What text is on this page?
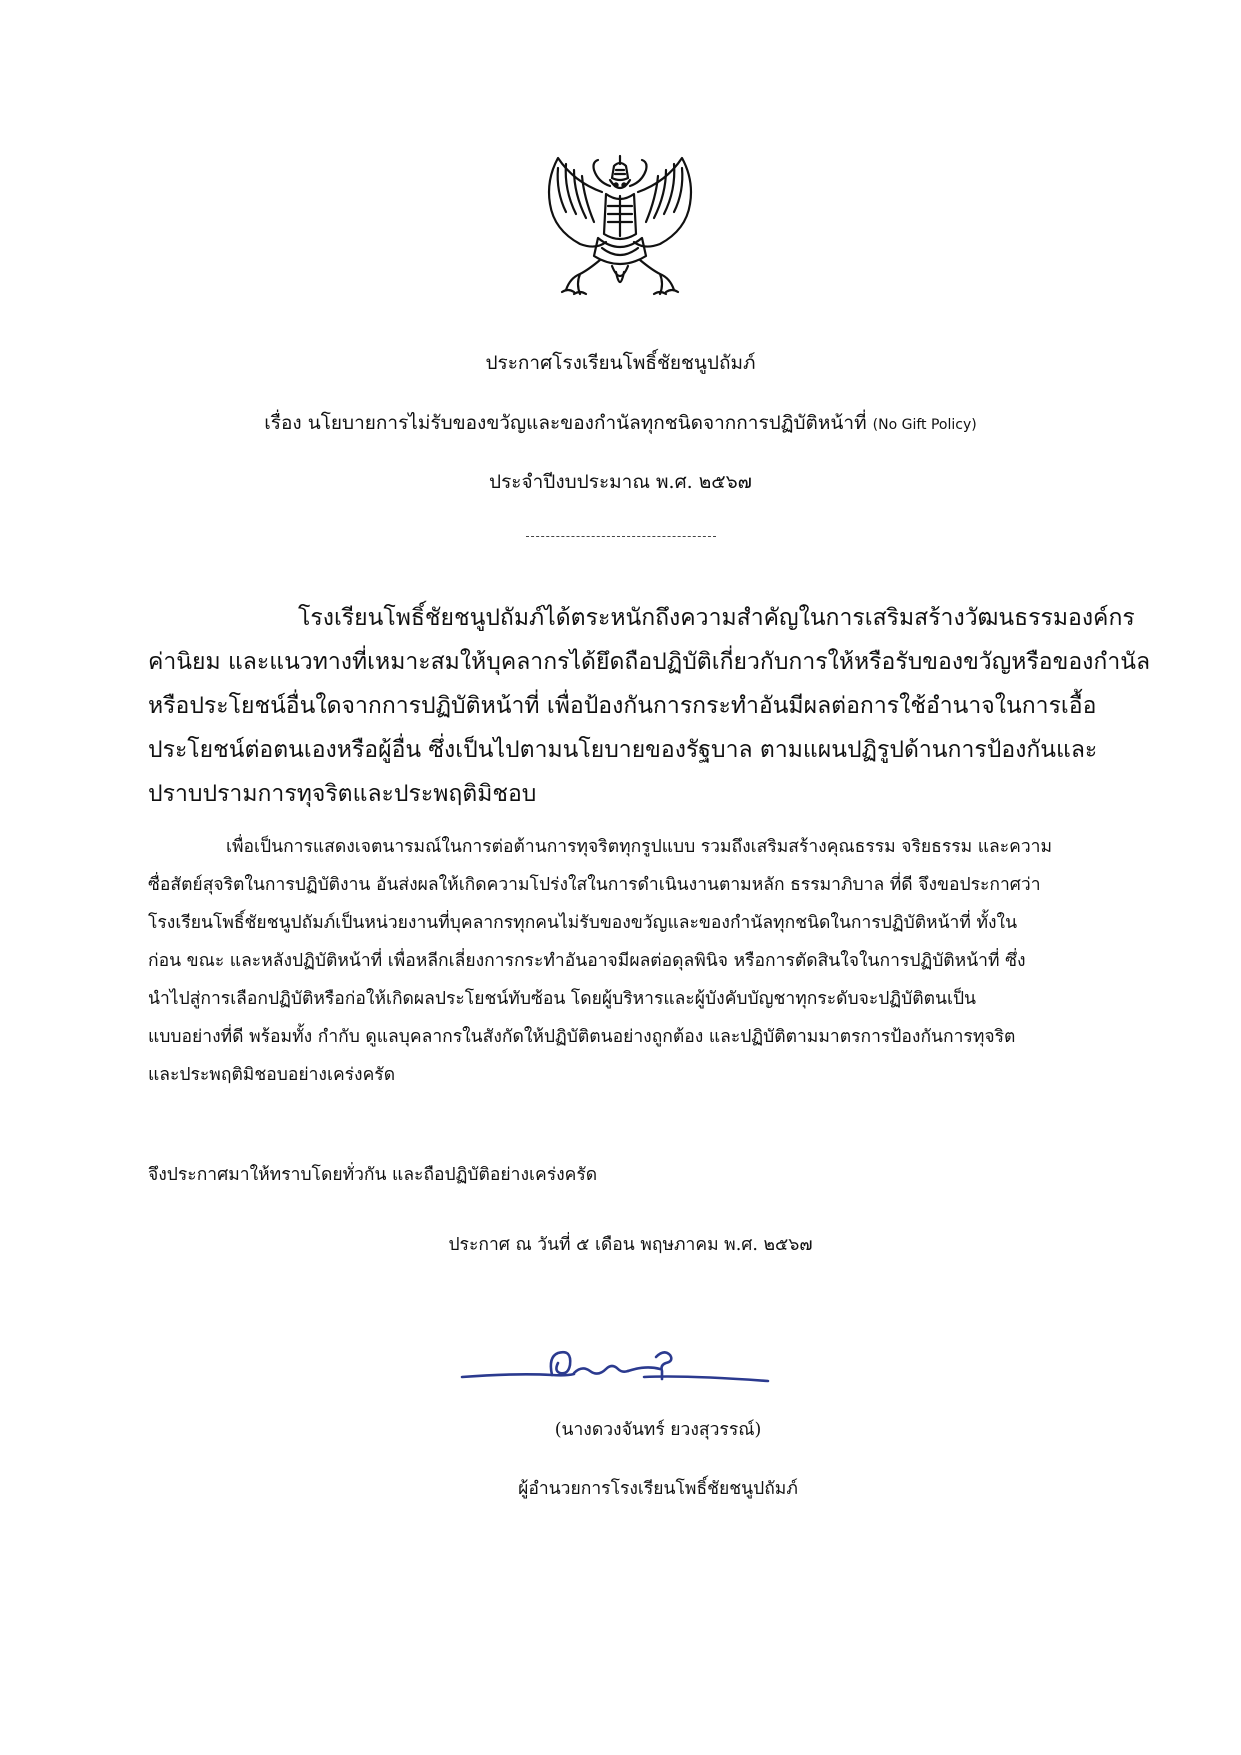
ประกาศโรงเรียนโพธิ์ชัยชนูปถัมภ์
เรื่อง นโยบายการไม่รับของขวัญและของกำนัลทุกชนิดจากการปฏิบัติหน้าที่ (No Gift Policy)
ประจำปีงบประมาณ พ.ศ. ๒๕๖๗
โรงเรียนโพธิ์ชัยชนูปถัมภ์ได้ตระหนักถึงความสำคัญในการเสริมสร้างวัฒนธรรมองค์กร
ค่านิยม และแนวทางที่เหมาะสมให้บุคลากรได้ยึดถือปฏิบัติเกี่ยวกับการให้หรือรับของขวัญหรือของกำนัล
หรือประโยชน์อื่นใดจากการปฏิบัติหน้าที่ เพื่อป้องกันการกระทำอันมีผลต่อการใช้อำนาจในการเอื้อ
ประโยชน์ต่อตนเองหรือผู้อื่น ซึ่งเป็นไปตามนโยบายของรัฐบาล ตามแผนปฏิรูปด้านการป้องกันและ
ปราบปรามการทุจริตและประพฤติมิชอบ
เพื่อเป็นการแสดงเจตนารมณ์ในการต่อต้านการทุจริตทุกรูปแบบ รวมถึงเสริมสร้างคุณธรรม จริยธรรม และความ
ซื่อสัตย์สุจริตในการปฏิบัติงาน อันส่งผลให้เกิดความโปร่งใสในการดำเนินงานตามหลัก ธรรมาภิบาล ที่ดี จึงขอประกาศว่า
โรงเรียนโพธิ์ชัยชนูปถัมภ์เป็นหน่วยงานที่บุคลากรทุกคนไม่รับของขวัญและของกำนัลทุกชนิดในการปฏิบัติหน้าที่ ทั้งใน
ก่อน ขณะ และหลังปฏิบัติหน้าที่ เพื่อหลีกเลี่ยงการกระทำอันอาจมีผลต่อดุลพินิจ หรือการตัดสินใจในการปฏิบัติหน้าที่ ซึ่ง
นำไปสู่การเลือกปฏิบัติหรือก่อให้เกิดผลประโยชน์ทับซ้อน โดยผู้บริหารและผู้บังคับบัญชาทุกระดับจะปฏิบัติตนเป็น
แบบอย่างที่ดี พร้อมทั้ง กำกับ ดูแลบุคลากรในสังกัดให้ปฏิบัติตนอย่างถูกต้อง และปฏิบัติตามมาตรการป้องกันการทุจริต
และประพฤติมิชอบอย่างเคร่งครัด
จึงประกาศมาให้ทราบโดยทั่วกัน และถือปฏิบัติอย่างเคร่งครัด
ประกาศ ณ วันที่ ๕ เดือน พฤษภาคม พ.ศ. ๒๕๖๗
(นางดวงจันทร์ ยวงสุวรรณ์)
ผู้อำนวยการโรงเรียนโพธิ์ชัยชนูปถัมภ์
